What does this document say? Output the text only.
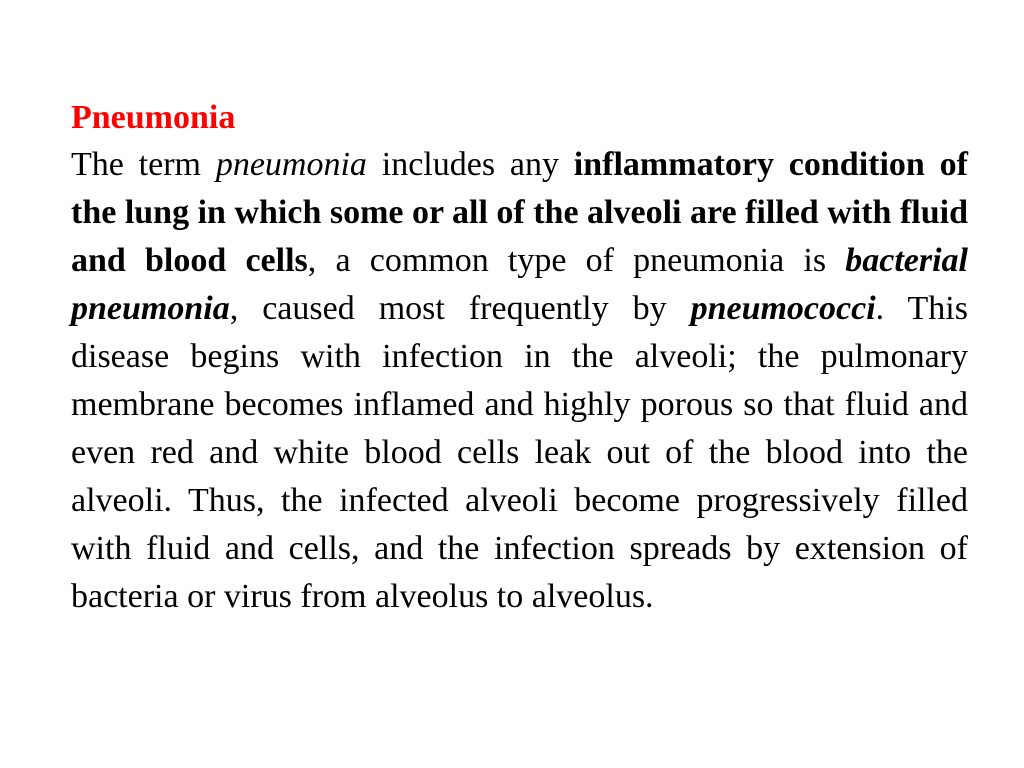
Pneumonia

The term pneumonia includes any inflammatory condition of the lung in which some or all of the alveoli are filled with fluid and blood cells, a common type of pneumonia is bacterial pneumonia, caused most frequently by pneumococci. This disease begins with infection in the alveoli; the pulmonary membrane becomes inflamed and highly porous so that fluid and even red and white blood cells leak out of the blood into the alveoli. Thus, the infected alveoli become progressively filled with fluid and cells, and the infection spreads by extension of bacteria or virus from alveolus to alveolus.
